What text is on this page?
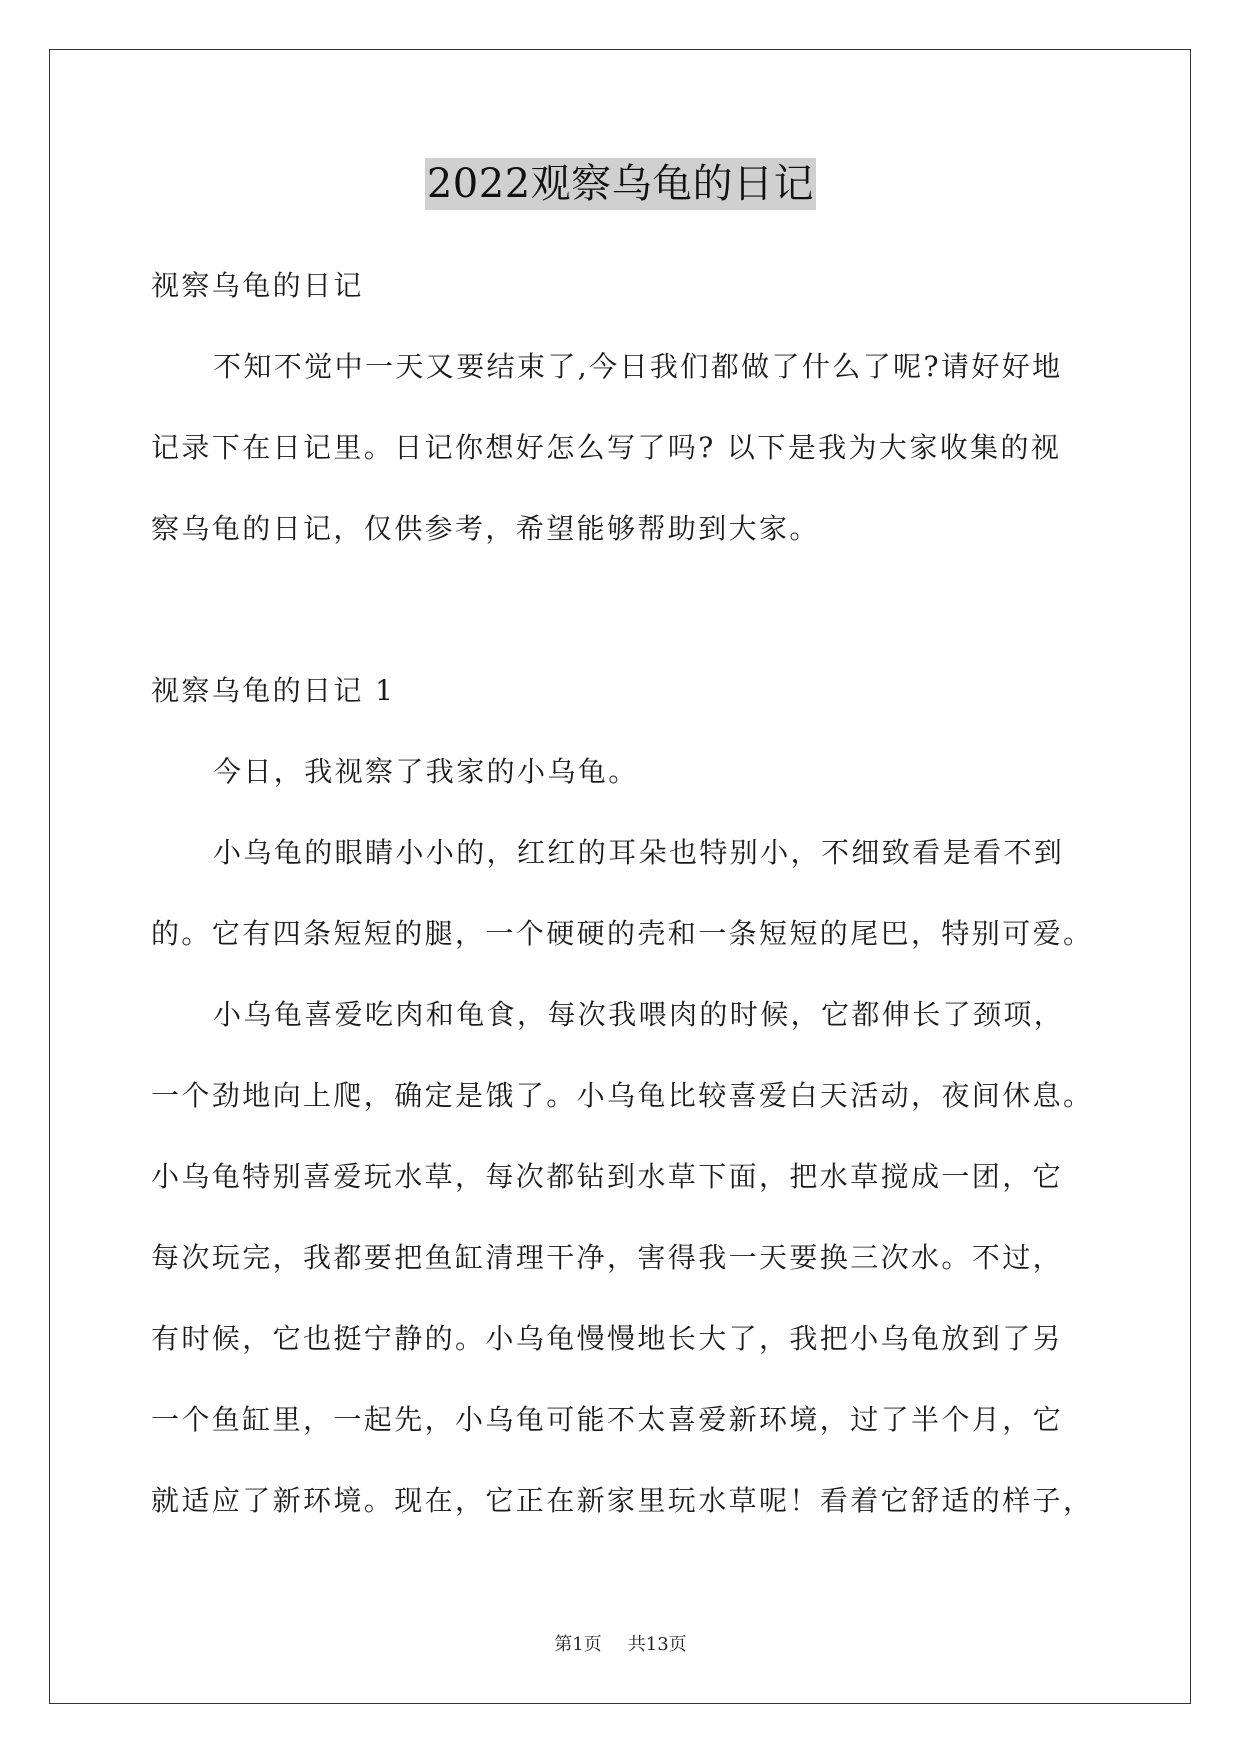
2022观察乌龟的日记
视察乌龟的日记
不知不觉中一天又要结束了,今日我们都做了什么了呢?请好好地
记录下在日记里。日记你想好怎么写了吗? 以下是我为大家收集的视
察乌龟的日记，仅供参考，希望能够帮助到大家。
视察乌龟的日记 1
今日，我视察了我家的小乌龟。
小乌龟的眼睛小小的，红红的耳朵也特别小，不细致看是看不到
的。它有四条短短的腿，一个硬硬的壳和一条短短的尾巴，特别可爱。
小乌龟喜爱吃肉和龟食，每次我喂肉的时候，它都伸长了颈项，
一个劲地向上爬，确定是饿了。小乌龟比较喜爱白天活动，夜间休息。
小乌龟特别喜爱玩水草，每次都钻到水草下面，把水草搅成一团，它
每次玩完，我都要把鱼缸清理干净，害得我一天要换三次水。不过，
有时候，它也挺宁静的。小乌龟慢慢地长大了，我把小乌龟放到了另
一个鱼缸里，一起先，小乌龟可能不太喜爱新环境，过了半个月，它
就适应了新环境。现在，它正在新家里玩水草呢！看着它舒适的样子，
第1页 共13页
